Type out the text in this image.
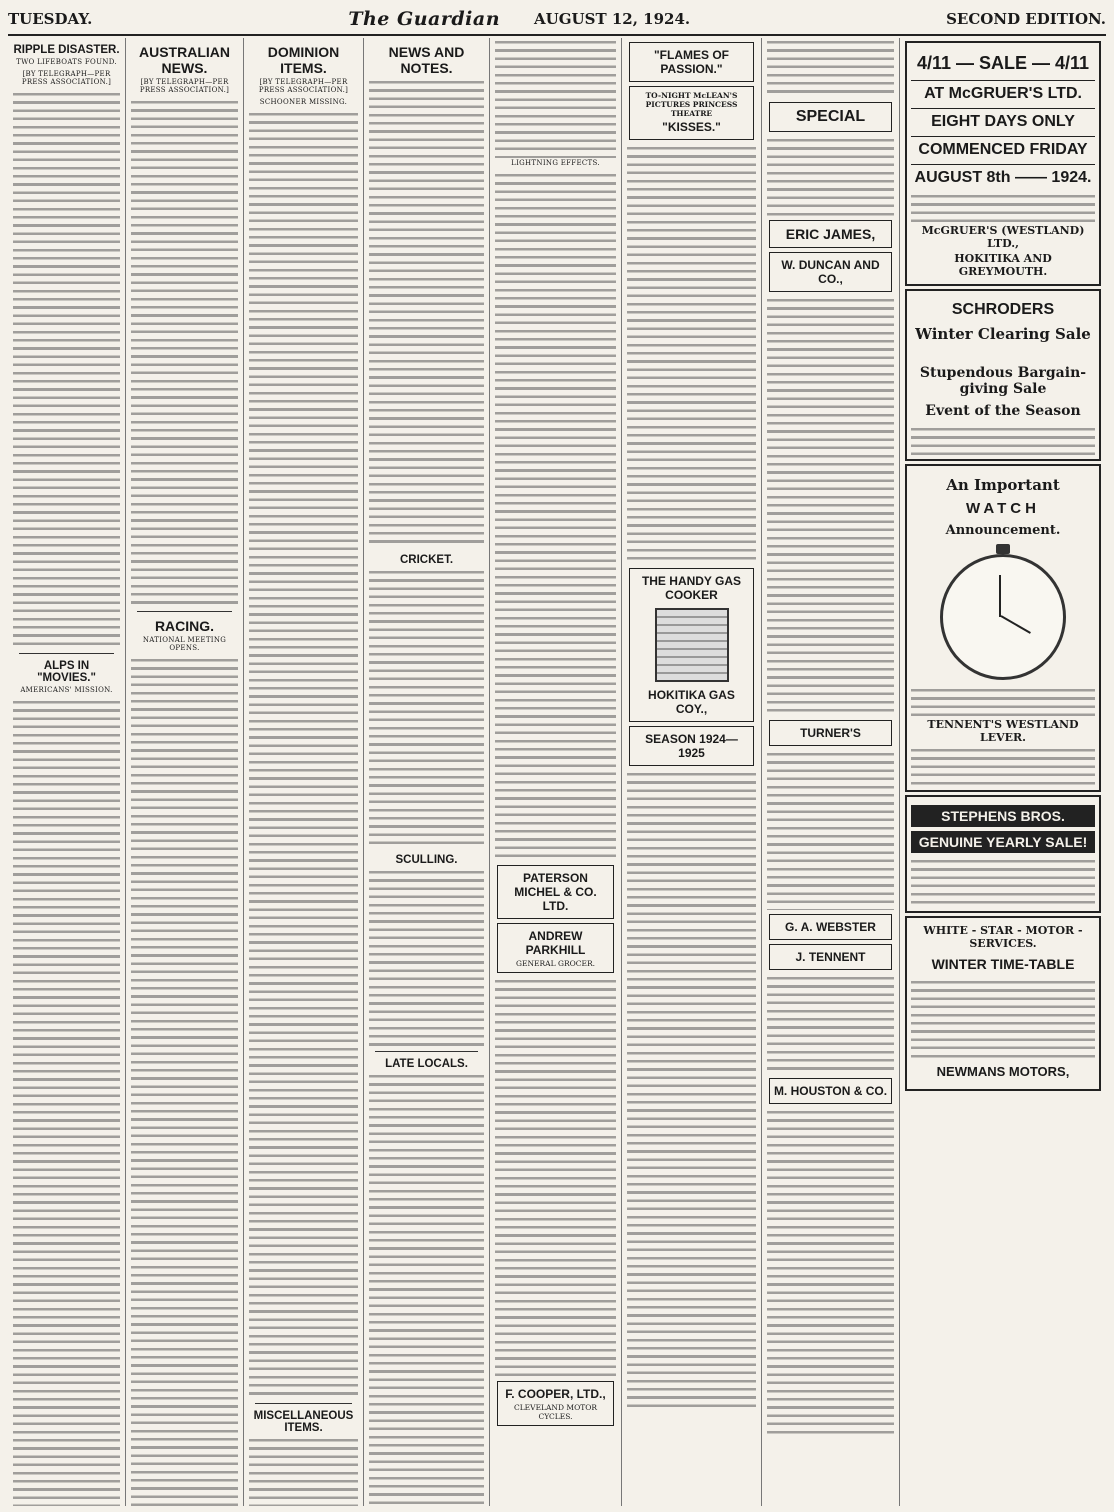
TUESDAY.	The Guardian AUGUST 12, 1924.	SECOND EDITION.
RIPPLE DISASTER.
TWO LIFEBOATS FOUND.
[BY TELEGRAPH—PER PRESS ASSOCIATION.]
ALPS IN "MOVIES."
AMERICANS' MISSION.
AUSTRALIAN NEWS.
[BY TELEGRAPH—PER PRESS ASSOCIATION.]
RACING.
NATIONAL MEETING OPENS.
DOMINION ITEMS.
[BY TELEGRAPH—PER PRESS ASSOCIATION.]
SCHOONER MISSING.
MISCELLANEOUS ITEMS.
NEWS AND NOTES.
CRICKET.
SCULLING.
LATE LOCALS.
LIGHTNING EFFECTS.
PATERSON MICHEL & CO. LTD.
ANDREW PARKHILL
GENERAL GROCER.
F. COOPER, LTD.,
CLEVELAND MOTOR CYCLES.
"FLAMES OF PASSION."
TO-NIGHT McLEAN'S PICTURES PRINCESS THEATRE
"KISSES."
THE HANDY GAS COOKER
HOKITIKA GAS COY.,
SEASON 1924—1925
SPECIAL
ERIC JAMES,
W. DUNCAN AND CO.,
TURNER'S
G. A. WEBSTER
J. TENNENT
M. HOUSTON & CO.
4/11 — SALE — 4/11
AT McGRUER'S LTD.
EIGHT DAYS ONLY
COMMENCED FRIDAY
AUGUST 8th —— 1924.
McGRUER'S (WESTLAND) LTD.,
HOKITIKA AND GREYMOUTH.
SCHRODERS
Winter Clearing Sale
Stupendous Bargain-giving Sale
Event of the Season
An Important
WATCH
Announcement.
TENNENT'S WESTLAND LEVER.
STEPHENS BROS.
GENUINE YEARLY SALE!
WHITE - STAR - MOTOR - SERVICES.
WINTER TIME-TABLE
NEWMANS MOTORS,
